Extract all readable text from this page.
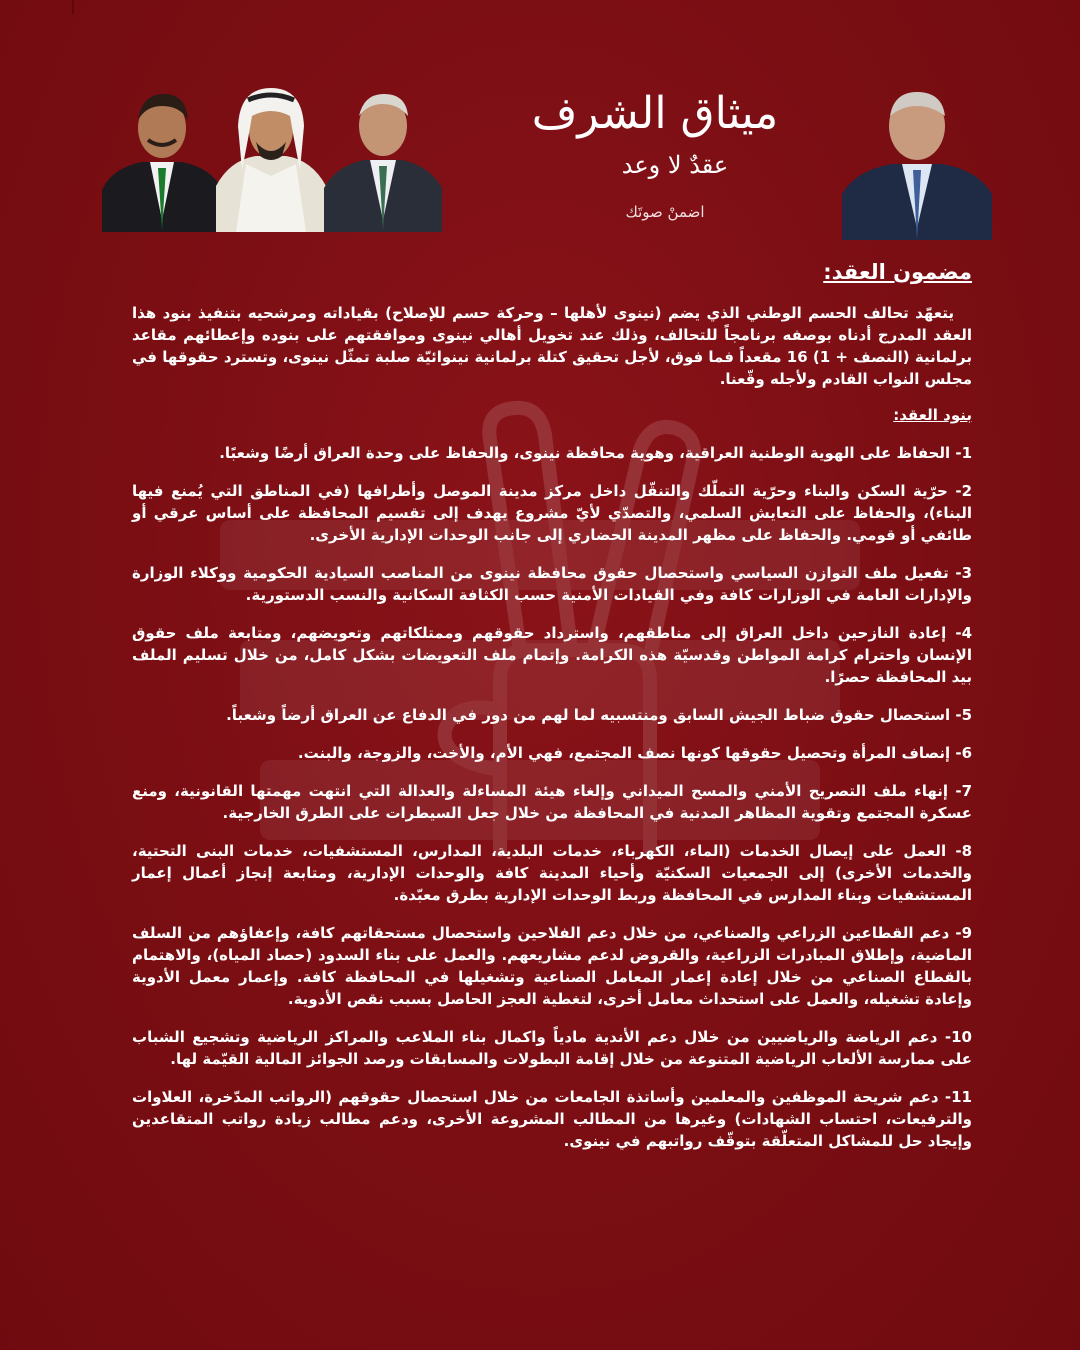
ميثاق الشرف
عقدٌ لا وعد
اضمنْ صوتَك
مضمون العقد:

يتعهّد تحالف الحسم الوطني الذي يضم (نينوى لأهلها – وحركة حسم للإصلاح) بقياداته ومرشحيه بتنفيذ بنود هذا العقد المدرج أدناه بوصفه برنامجاً للتحالف، وذلك عند تخويل أهالي نينوى وموافقتهم على بنوده وإعطائهم مقاعد برلمانية (النصف + 1) 16 مقعداً فما فوق، لأجل تحقيق كتلة برلمانية نينوائيّة صلبة تمثّل نينوى، وتسترد حقوقها في مجلس النواب القادم ولأجله وقّعنا.

بنود العقد:

1- الحفاظ على الهوية الوطنية العراقية، وهوية محافظة نينوى، والحفاظ على وحدة العراق أرضًا وشعبًا.

2- حرّية السكن والبناء وحرّية التملّك والتنقّل داخل مركز مدينة الموصل وأطرافها (في المناطق التي يُمنع فيها البناء)، والحفاظ على التعايش السلمي، والتصدّي لأيّ مشروع يهدف إلى تقسيم المحافظة على أساس عرقي أو طائفي أو قومي. والحفاظ على مظهر المدينة الحضاري إلى جانب الوحدات الإدارية الأخرى.

3- تفعيل ملف التوازن السياسي واستحصال حقوق محافظة نينوى من المناصب السيادية الحكومية ووكلاء الوزارة والإدارات العامة في الوزارات كافة وفي القيادات الأمنية حسب الكثافة السكانية والنسب الدستورية.

4- إعادة النازحين داخل العراق إلى مناطقهم، واسترداد حقوقهم وممتلكاتهم وتعويضهم، ومتابعة ملف حقوق الإنسان واحترام كرامة المواطن وقدسيّة هذه الكرامة. وإتمام ملف التعويضات بشكل كامل، من خلال تسليم الملف بيد المحافظة حصرًا.

5- استحصال حقوق ضباط الجيش السابق ومنتسبيه لما لهم من دور في الدفاع عن العراق أرضاً وشعباً.

6- إنصاف المرأة وتحصيل حقوقها كونها نصف المجتمع، فهي الأم، والأخت، والزوجة، والبنت.

7- إنهاء ملف التصريح الأمني والمسح الميداني وإلغاء هيئة المساءلة والعدالة التي انتهت مهمتها القانونية، ومنع عسكرة المجتمع وتقوية المظاهر المدنية في المحافظة من خلال جعل السيطرات على الطرق الخارجية.

8- العمل على إيصال الخدمات (الماء، الكهرباء، خدمات البلدية، المدارس، المستشفيات، خدمات البنى التحتية، والخدمات الأخرى) إلى الجمعيات السكنيّة وأحياء المدينة كافة والوحدات الإدارية، ومتابعة إنجاز أعمال إعمار المستشفيات وبناء المدارس في المحافظة وربط الوحدات الإدارية بطرق معبّدة.

9- دعم القطاعين الزراعي والصناعي، من خلال دعم الفلاحين واستحصال مستحقاتهم كافة، وإعفاؤهم من السلف الماضية، وإطلاق المبادرات الزراعية، والقروض لدعم مشاريعهم. والعمل على بناء السدود (حصاد المياه)، والاهتمام بالقطاع الصناعي من خلال إعادة إعمار المعامل الصناعية وتشغيلها في المحافظة كافة. وإعمار معمل الأدوية وإعادة تشغيله، والعمل على استحداث معامل أخرى، لتغطية العجز الحاصل بسبب نقص الأدوية.

10- دعم الرياضة والرياضيين من خلال دعم الأندية مادياً واكمال بناء الملاعب والمراكز الرياضية وتشجيع الشباب على ممارسة الألعاب الرياضية المتنوعة من خلال إقامة البطولات والمسابقات ورصد الجوائز المالية القيّمة لها.

11- دعم شريحة الموظفين والمعلمين وأساتذة الجامعات من خلال استحصال حقوقهم (الرواتب المدّخرة، العلاوات والترفيعات، احتساب الشهادات) وغيرها من المطالب المشروعة الأخرى، ودعم مطالب زيادة رواتب المتقاعدين وإيجاد حل للمشاكل المتعلّقة بتوقّف رواتبهم في نينوى.
